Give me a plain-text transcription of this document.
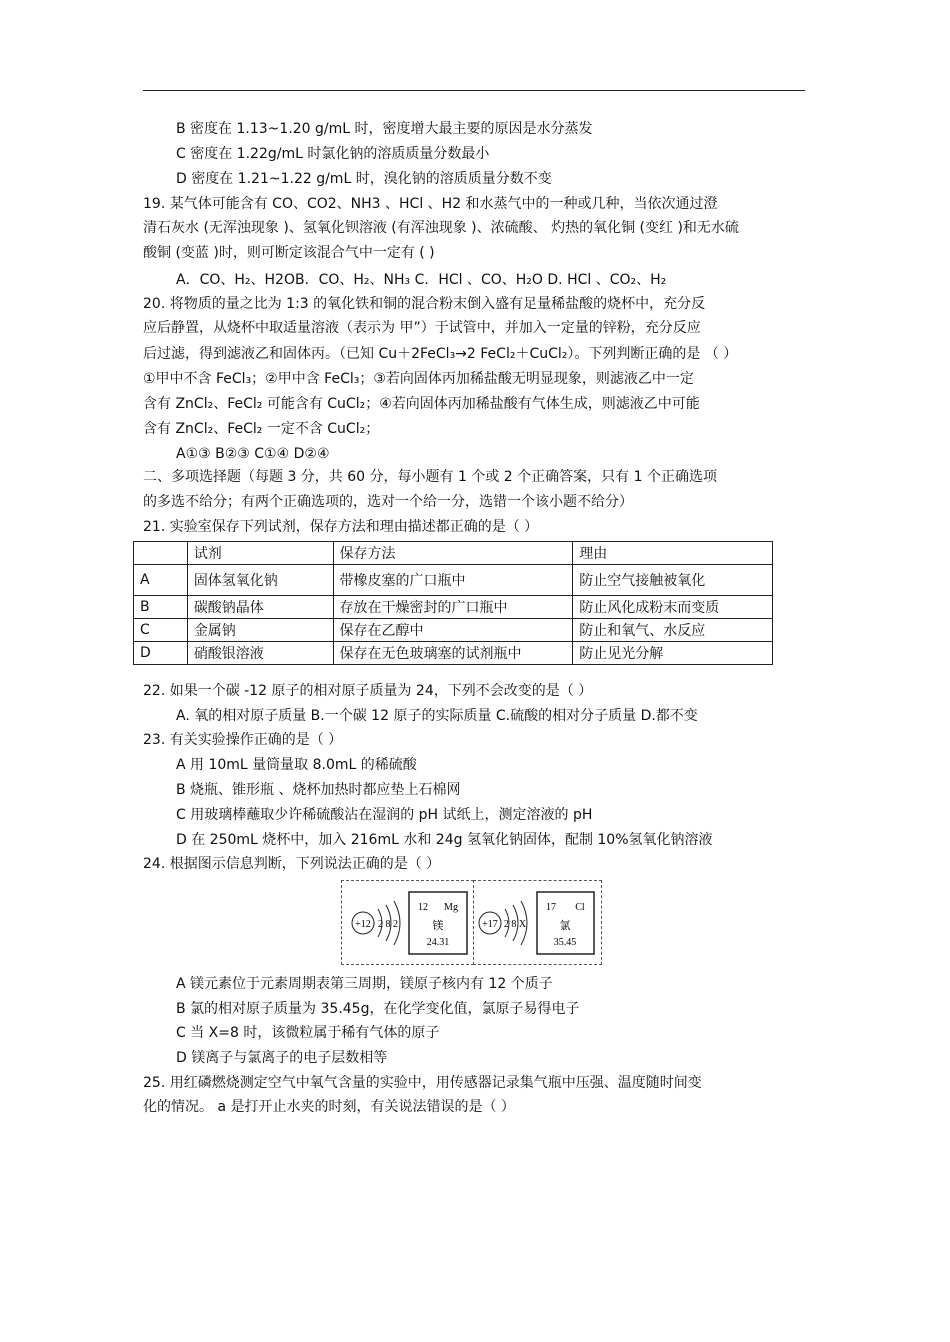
B 密度在 1.13~1.20 g/mL 时，密度增大最主要的原因是水分蒸发
C 密度在 1.22g/mL 时氯化钠的溶质质量分数最小
D 密度在 1.21~1.22 g/mL 时，溴化钠的溶质质量分数不变
19. 某气体可能含有 CO、CO2、NH3 、HCl 、H2 和水蒸气中的一种或几种，当依次通过澄
清石灰水 (无浑浊现象 )、氢氧化钡溶液 (有浑浊现象 )、浓硫酸、 灼热的氧化铜 (变红 )和无水硫
酸铜 (变蓝 )时，则可断定该混合气中一定有 ( )
A．CO、H₂、H2OB．CO、H₂、NH₃ C．HCl 、CO、H₂O D. HCl 、CO₂、H₂
20. 将物质的量之比为 1:3 的氧化铁和铜的混合粉末倒入盛有足量稀盐酸的烧杯中，充分反
应后静置，从烧杯中取适量溶液（表示为 甲”）于试管中，并加入一定量的锌粉，充分反应
后过滤，得到滤液乙和固体丙。（已知 Cu＋2FeCl₃→2 FeCl₂＋CuCl₂）。下列判断正确的是 （ ）
①甲中不含 FeCl₃；②甲中含 FeCl₃；③若向固体丙加稀盐酸无明显现象，则滤液乙中一定
含有 ZnCl₂、FeCl₂ 可能含有 CuCl₂；④若向固体丙加稀盐酸有气体生成，则滤液乙中可能
含有 ZnCl₂、FeCl₂ 一定不含 CuCl₂；
A①③ B②③ C①④ D②④
二、多项选择题（每题 3 分，共 60 分，每小题有 1 个或 2 个正确答案，只有 1 个正确选项
的多选不给分；有两个正确选项的，选对一个给一分，选错一个该小题不给分）
21. 实验室保存下列试剂，保存方法和理由描述都正确的是（ ）
	试剂	保存方法	理由
A	固体氢氧化钠	带橡皮塞的广口瓶中	防止空气接触被氧化
B	碳酸钠晶体	存放在干燥密封的广口瓶中	防止风化成粉末而变质
C	金属钠	保存在乙醇中	防止和氧气、水反应
D	硝酸银溶液	保存在无色玻璃塞的试剂瓶中	防止见光分解
22. 如果一个碳 -12 原子的相对原子质量为 24，下列不会改变的是（ ）
A. 氧的相对原子质量 B.一个碳 12 原子的实际质量 C.硫酸的相对分子质量 D.都不变
23. 有关实验操作正确的是（ ）
A 用 10mL 量筒量取 8.0mL 的稀硫酸
B 烧瓶、锥形瓶 、烧杯加热时都应垫上石棉网
C 用玻璃棒蘸取少许稀硫酸沾在湿润的 pH 试纸上，测定溶液的 pH
D 在 250mL 烧杯中，加入 216mL 水和 24g 氢氧化钠固体，配制 10%氢氧化钠溶液
24. 根据图示信息判断，下列说法正确的是（ ）
+12 2 8 2
12 Mg
镁
24.31
+17 2 8 X
17 Cl
氯
35.45
A 镁元素位于元素周期表第三周期，镁原子核内有 12 个质子
B 氯的相对原子质量为 35.45g，在化学变化值，氯原子易得电子
C 当 X=8 时，该微粒属于稀有气体的原子
D 镁离子与氯离子的电子层数相等
25. 用红磷燃烧测定空气中氧气含量的实验中，用传感器记录集气瓶中压强、温度随时间变
化的情况。 a 是打开止水夹的时刻，有关说法错误的是（ ）
